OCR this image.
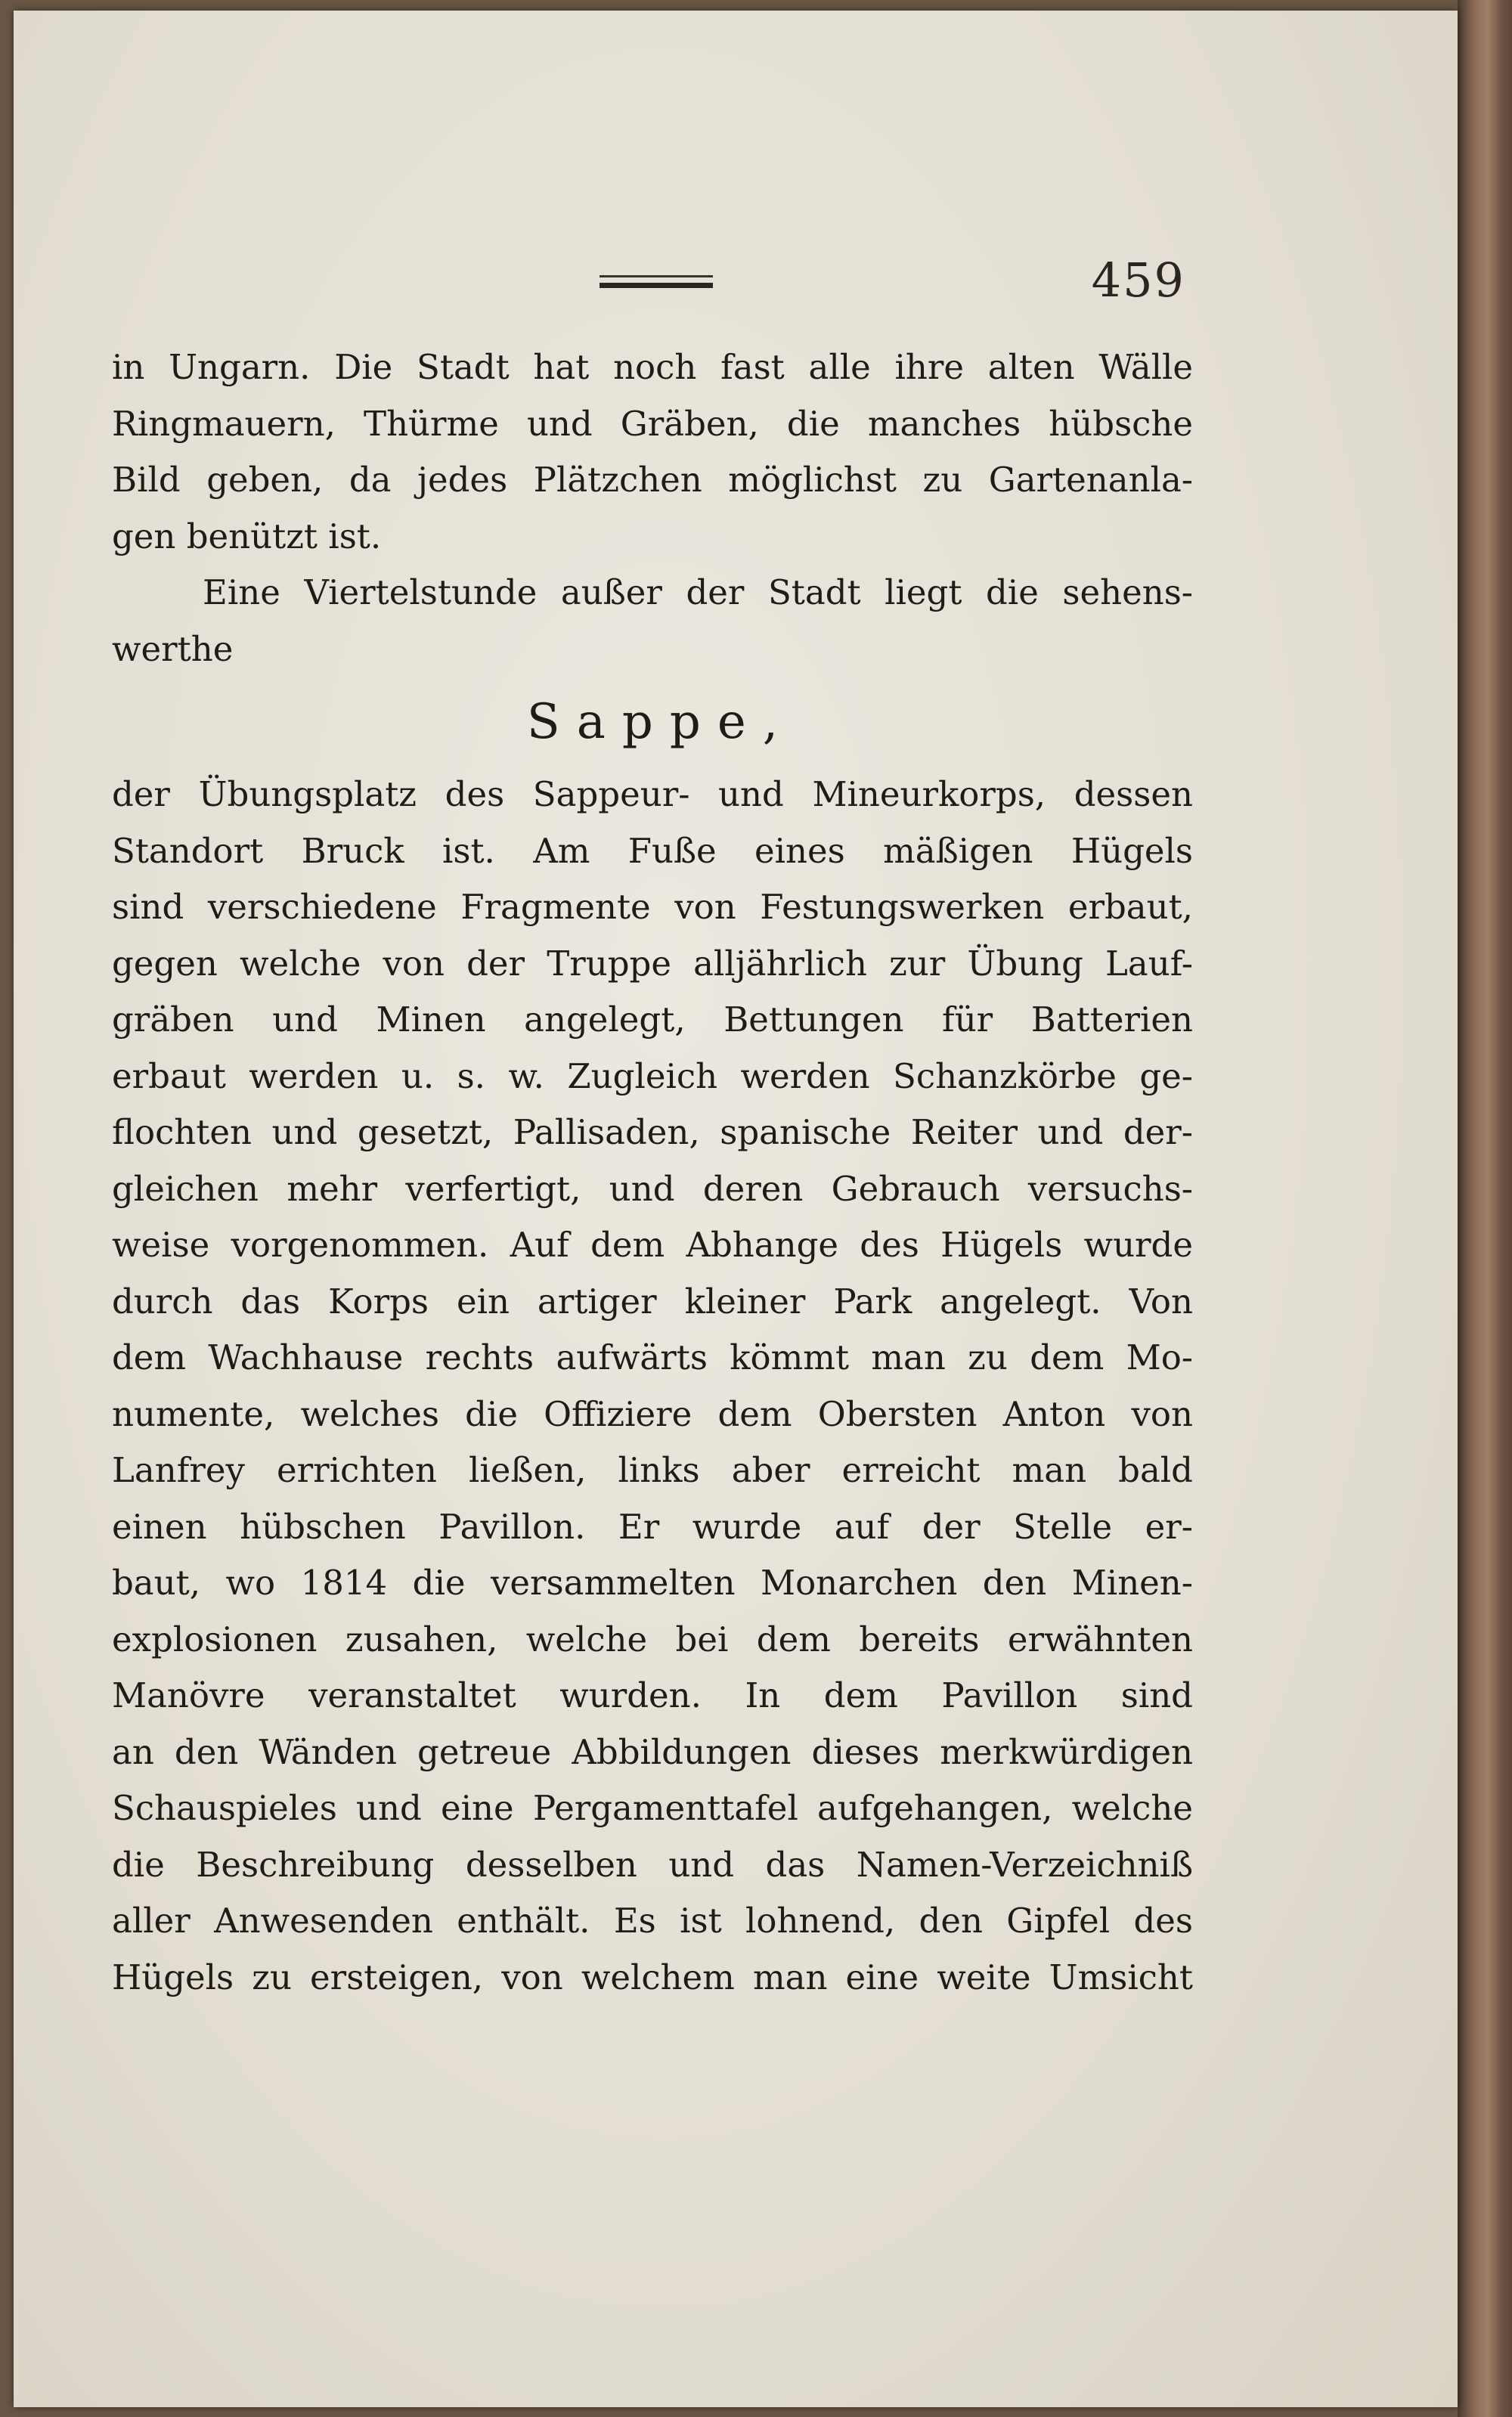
459
in Ungarn. Die Stadt hat noch fast alle ihre alten Wälle
Ringmauern, Thürme und Gräben, die manches hübsche
Bild geben, da jedes Plätzchen möglichst zu Gartenanla-
gen benützt ist.
Eine Viertelstunde außer der Stadt liegt die sehens-
werthe
Sappe,
der Übungsplatz des Sappeur- und Mineurkorps, dessen
Standort Bruck ist. Am Fuße eines mäßigen Hügels
sind verschiedene Fragmente von Festungswerken erbaut,
gegen welche von der Truppe alljährlich zur Übung Lauf-
gräben und Minen angelegt, Bettungen für Batterien
erbaut werden u. s. w. Zugleich werden Schanzkörbe ge-
flochten und gesetzt, Pallisaden, spanische Reiter und der-
gleichen mehr verfertigt, und deren Gebrauch versuchs-
weise vorgenommen. Auf dem Abhange des Hügels wurde
durch das Korps ein artiger kleiner Park angelegt. Von
dem Wachhause rechts aufwärts kömmt man zu dem Mo-
numente, welches die Offiziere dem Obersten Anton von
Lanfrey errichten ließen, links aber erreicht man bald
einen hübschen Pavillon. Er wurde auf der Stelle er-
baut, wo 1814 die versammelten Monarchen den Minen-
explosionen zusahen, welche bei dem bereits erwähnten
Manövre veranstaltet wurden. In dem Pavillon sind
an den Wänden getreue Abbildungen dieses merkwürdigen
Schauspieles und eine Pergamenttafel aufgehangen, welche
die Beschreibung desselben und das Namen-Verzeichniß
aller Anwesenden enthält. Es ist lohnend, den Gipfel des
Hügels zu ersteigen, von welchem man eine weite Umsicht
